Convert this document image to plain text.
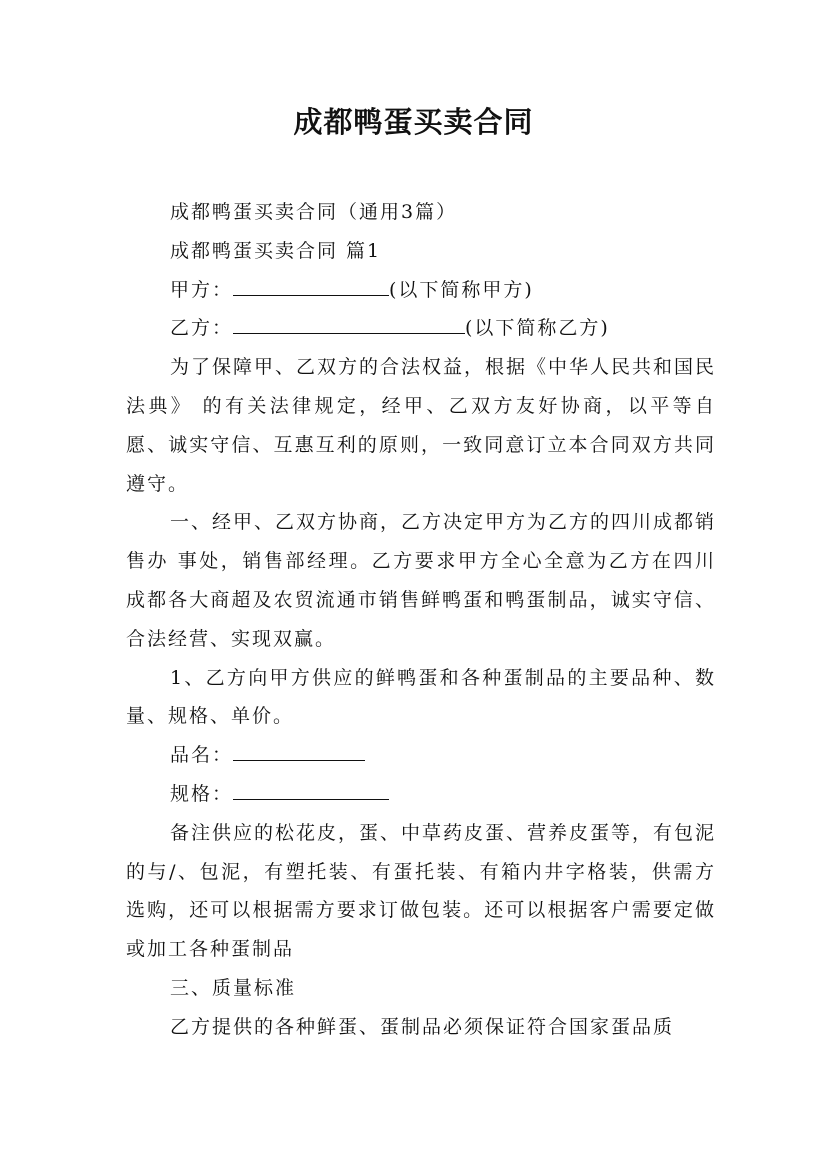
成都鸭蛋买卖合同

成都鸭蛋买卖合同（通用3篇）

成都鸭蛋买卖合同 篇1

甲方：	(以下简称甲方)

乙方：	(以下简称乙方)

为了保障甲、乙双方的合法权益，根据《中华人民共和国民法典》 的有关法律规定，经甲、乙双方友好协商，以平等自愿、诚实守信、互惠互利的原则，一致同意订立本合同双方共同遵守。

一、经甲、乙双方协商，乙方决定甲方为乙方的四川成都销售办 事处，销售部经理。乙方要求甲方全心全意为乙方在四川成都各大商超及农贸流通市销售鲜鸭蛋和鸭蛋制品，诚实守信、合法经营、实现双赢。

1、乙方向甲方供应的鲜鸭蛋和各种蛋制品的主要品种、数量、规格、单价。

品名：

规格：

备注供应的松花皮，蛋、中草药皮蛋、营养皮蛋等，有包泥的与/、包泥，有塑托装、有蛋托装、有箱内井字格装，供需方选购，还可以根据需方要求订做包装。还可以根据客户需要定做或加工各种蛋制品

三、质量标准

乙方提供的各种鲜蛋、蛋制品必须保证符合国家蛋品质
